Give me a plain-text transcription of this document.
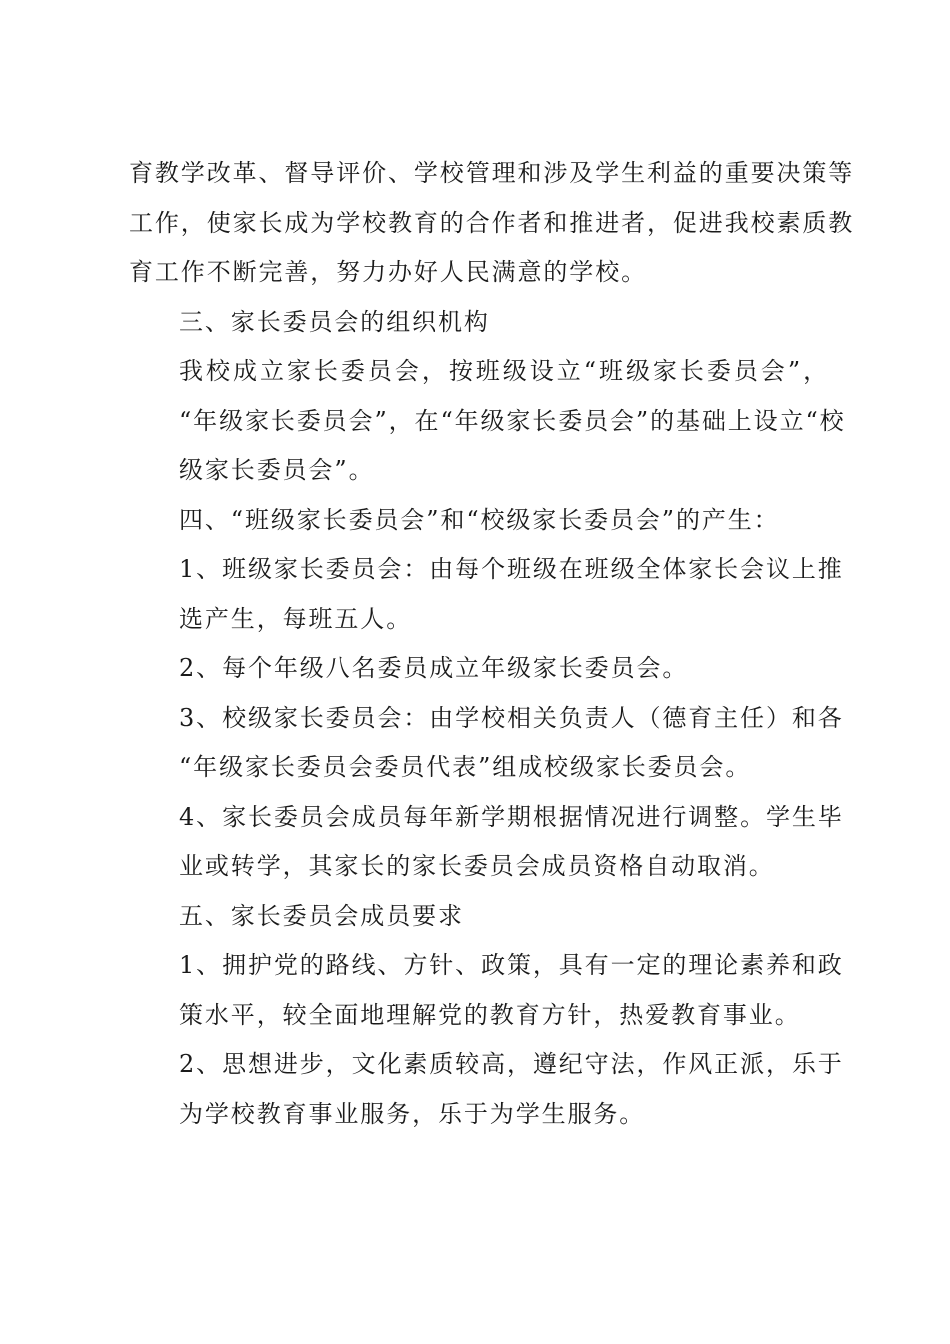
育教学改革、督导评价、学校管理和涉及学生利益的重要决策等
工作，使家长成为学校教育的合作者和推进者，促进我校素质教
育工作不断完善，努力办好人民满意的学校。

三、家长委员会的组织机构

我校成立家长委员会，按班级设立“班级家长委员会”，
“年级家长委员会”，在“年级家长委员会”的基础上设立“校
级家长委员会”。

四、“班级家长委员会”和“校级家长委员会”的产生：

1、班级家长委员会：由每个班级在班级全体家长会议上推
选产生，每班五人。

2、每个年级八名委员成立年级家长委员会。

3、校级家长委员会：由学校相关负责人（德育主任）和各
“年级家长委员会委员代表”组成校级家长委员会。

4、家长委员会成员每年新学期根据情况进行调整。学生毕
业或转学，其家长的家长委员会成员资格自动取消。

五、家长委员会成员要求

1、拥护党的路线、方针、政策，具有一定的理论素养和政
策水平，较全面地理解党的教育方针，热爱教育事业。

2、思想进步，文化素质较高，遵纪守法，作风正派，乐于
为学校教育事业服务，乐于为学生服务。
